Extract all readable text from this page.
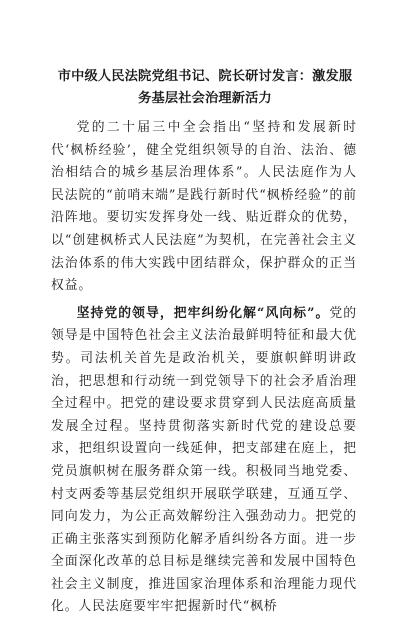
市中级人民法院党组书记、院长研讨发言：激发服务基层社会治理新活力

党的二十届三中全会指出“坚持和发展新时代‘枫桥经验’，健全党组织领导的自治、法治、德治相结合的城乡基层治理体系”。人民法庭作为人民法院的“前哨末端”是践行新时代“枫桥经验”的前沿阵地。要切实发挥身处一线、贴近群众的优势，以“创建枫桥式人民法庭”为契机，在完善社会主义法治体系的伟大实践中团结群众，保护群众的正当权益。

坚持党的领导，把牢纠纷化解“风向标”。党的领导是中国特色社会主义法治最鲜明特征和最大优势。司法机关首先是政治机关，要旗帜鲜明讲政治，把思想和行动统一到党领导下的社会矛盾治理全过程中。把党的建设要求贯穿到人民法庭高质量发展全过程。坚持贯彻落实新时代党的建设总要求，把组织设置向一线延伸，把支部建在庭上，把党员旗帜树在服务群众第一线。积极同当地党委、村支两委等基层党组织开展联学联建，互通互学、同向发力，为公正高效解纷注入强劲动力。把党的正确主张落实到预防化解矛盾纠纷各方面。进一步全面深化改革的总目标是继续完善和发展中国特色社会主义制度，推进国家治理体系和治理能力现代化。人民法庭要牢牢把握新时代“枫桥
